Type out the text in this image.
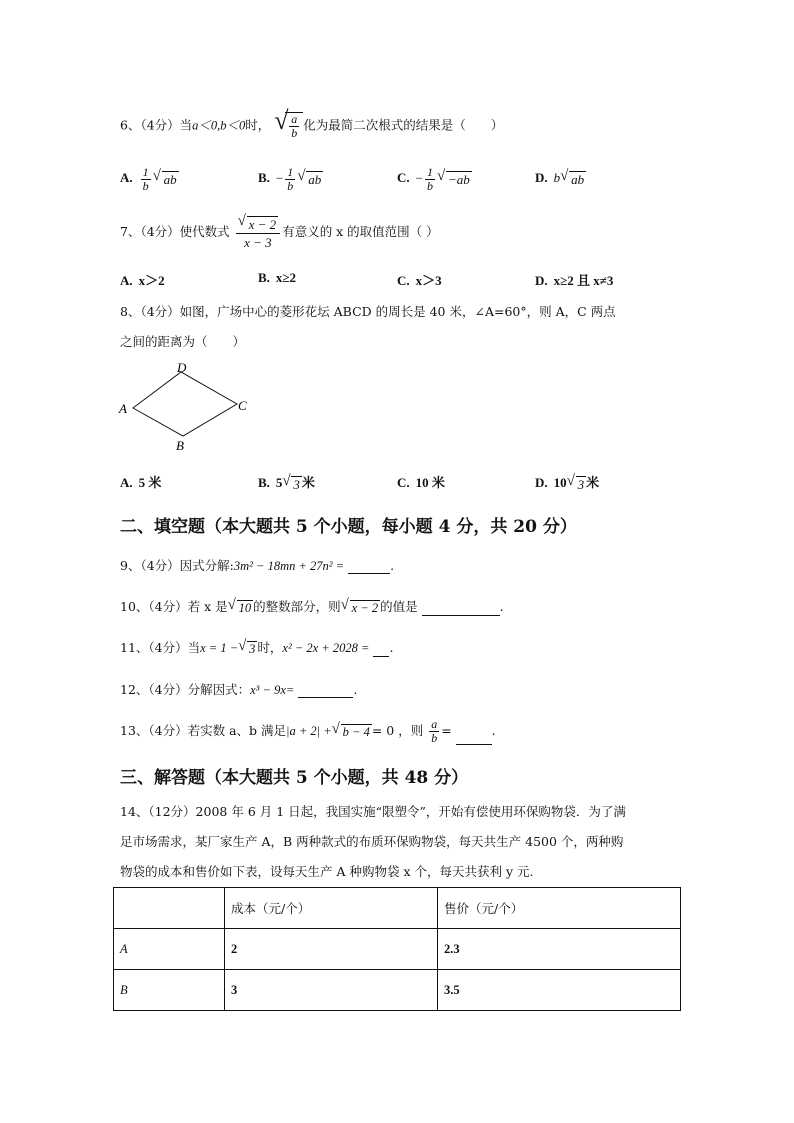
6、（4分）当a＜0,b＜0时， √ $\frac{a}{b}$ 化为最简二次根式的结果是（　　）
A. $\frac{1}{b}$ √ ab	B. − $\frac{1}{b}$ √ ab	C. − $\frac{1}{b}$ √ −ab	D. b √ ab
7、（4分）使代数式 $\frac{√ x - 2}{x - 3}$ 有意义的 x 的取值范围（ ）
A. x＞2	B. x≥2	C. x＞3	D. x≥2 且 x≠3
8、（4分）如图，广场中心的菱形花坛 ABCD 的周长是 40 米，∠A=60°，则 A，C 两点
之间的距离为（　　）
D
A	C
B
A. 5 米	B. 5 √ 3 米	C. 10 米	D. 10 √ 3 米
二、填空题（本大题共 5 个小题，每小题 4 分，共 20 分）
9、（4分）因式分解:3m² − 18mn + 27n² =	.
10、（4分）若 x 是 √ 10 的整数部分，则 √ x − 2 的值是	.
11、（4分）当x = 1 − √ 3 时，x² − 2x + 2028 = .
12、（4分）分解因式：x³ − 9x=	.
13、（4分）若实数 a、b 满足|a + 2| + √ b − 4 = 0 ，则 $\frac{a}{b}$ =	.
三、解答题（本大题共 5 个小题，共 48 分）
14、（12分）2008 年 6 月 1 日起，我国实施“限塑令”，开始有偿使用环保购物袋．为了满
足市场需求，某厂家生产 A，B 两种款式的布质环保购物袋，每天共生产 4500 个，两种购
物袋的成本和售价如下表，设每天生产 A 种购物袋 x 个，每天共获利 y 元.
	成本（元/个）	售价（元/个）
A	2	2.3
B	3	3.5
